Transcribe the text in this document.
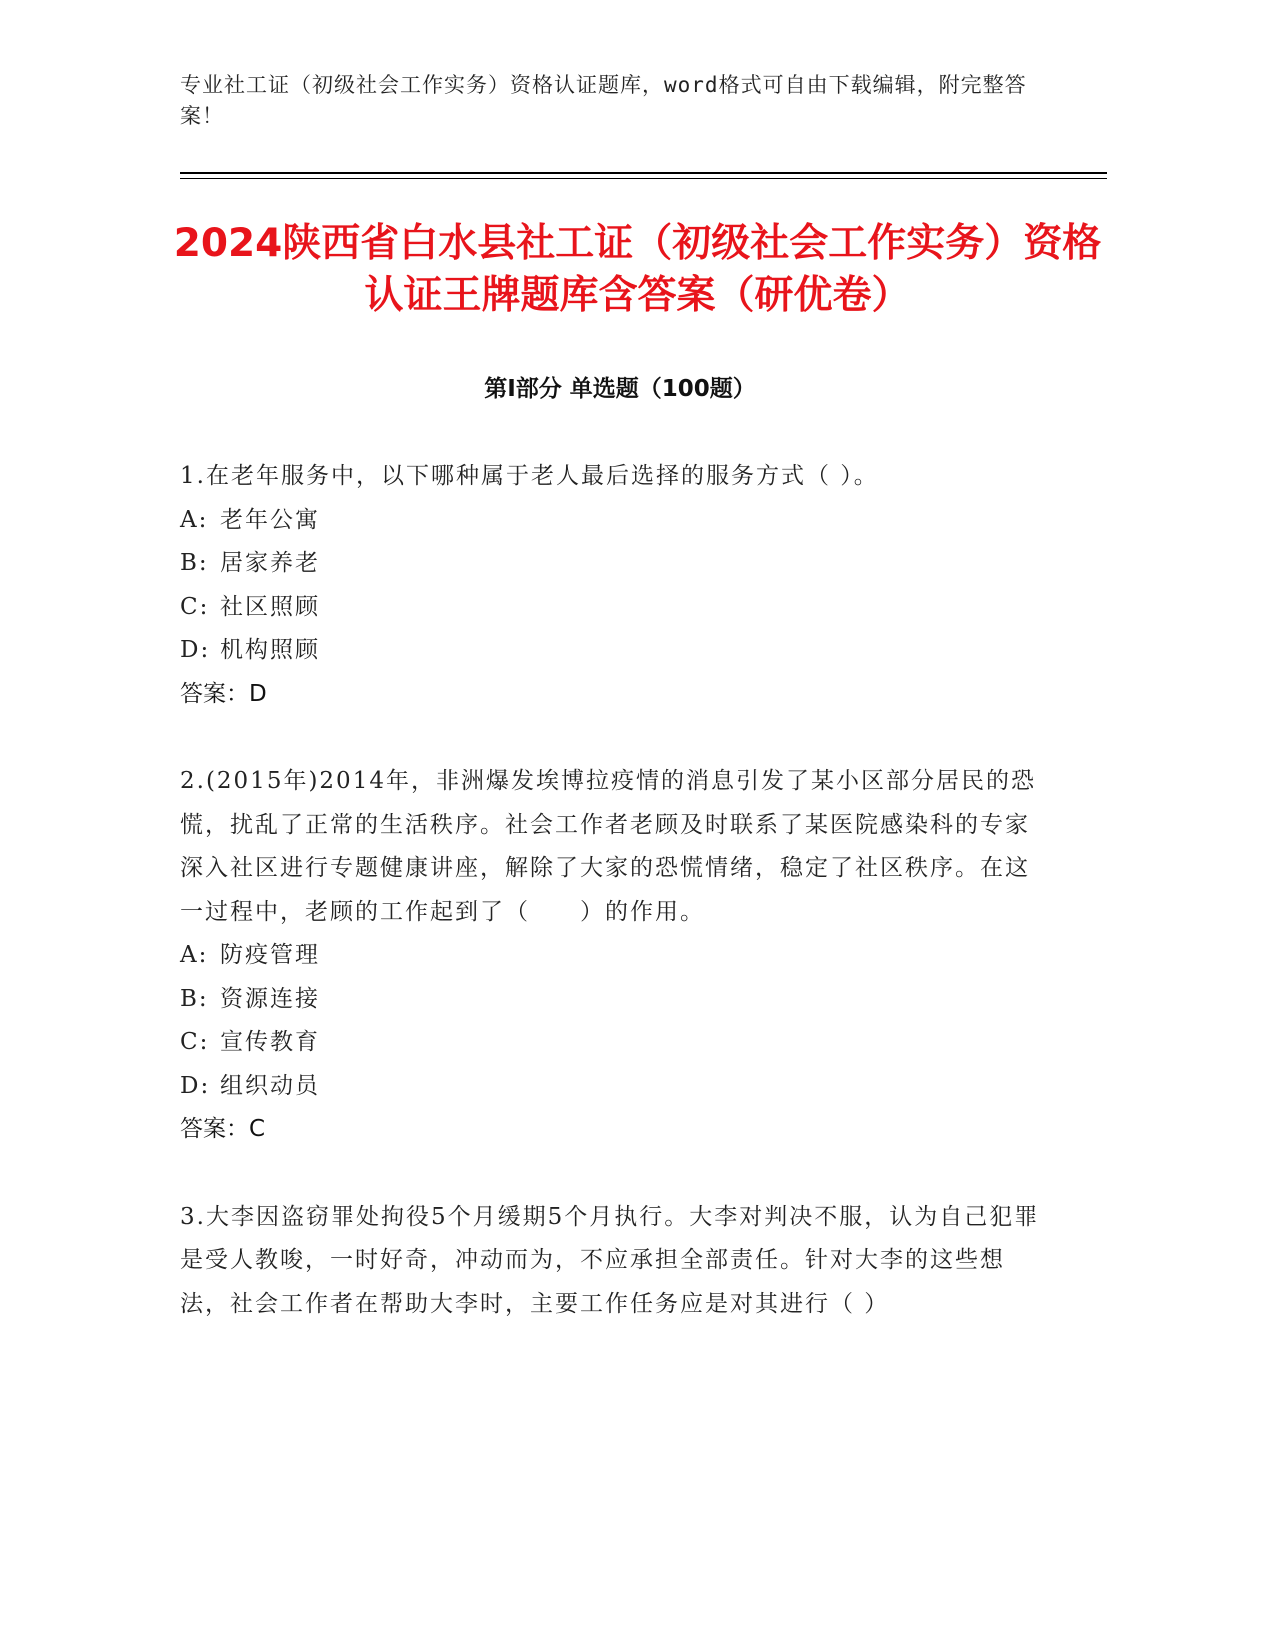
专业社工证（初级社会工作实务）资格认证题库，word格式可自由下载编辑，附完整答案！
2024陕西省白水县社工证（初级社会工作实务）资格认证王牌题库含答案（研优卷）
第Ⅰ部分 单选题（100题）

1.在老年服务中，以下哪种属于老人最后选择的服务方式（ ）。

A: 老年公寓

B: 居家养老

C: 社区照顾

D: 机构照顾

答案：D

2.(2015年)2014年，非洲爆发埃博拉疫情的消息引发了某小区部分居民的恐慌，扰乱了正常的生活秩序。社会工作者老顾及时联系了某医院感染科的专家深入社区进行专题健康讲座，解除了大家的恐慌情绪，稳定了社区秩序。在这一过程中，老顾的工作起到了（　　）的作用。

A: 防疫管理

B: 资源连接

C: 宣传教育

D: 组织动员

答案：C

3.大李因盗窃罪处拘役5个月缓期5个月执行。大李对判决不服，认为自己犯罪是受人教唆，一时好奇，冲动而为，不应承担全部责任。针对大李的这些想法，社会工作者在帮助大李时，主要工作任务应是对其进行（ ）
